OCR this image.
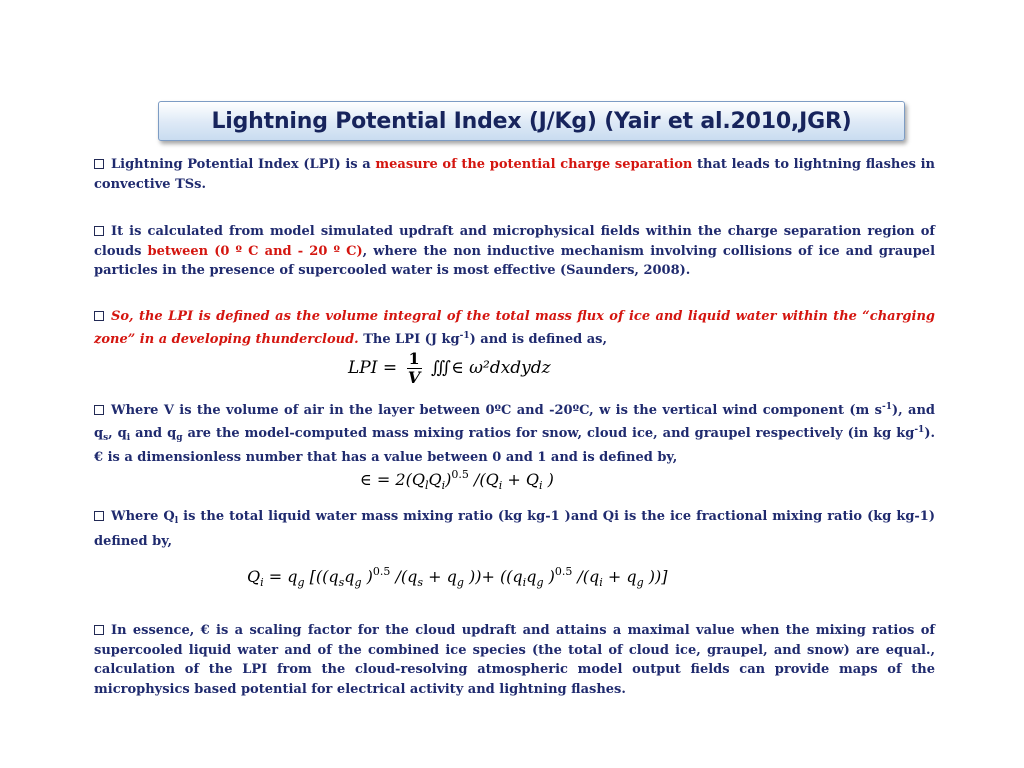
Lightning Potential Index (J/Kg) (Yair et al.2010,JGR)

Lightning Potential Index (LPI) is a measure of the potential charge separation that leads to lightning flashes in convective TSs.

It is calculated from model simulated updraft and microphysical fields within the charge separation region of clouds between (0 º C and - 20 º C), where the non inductive mechanism involving collisions of ice and graupel particles in the presence of supercooled water is most effective (Saunders, 2008).

So, the LPI is defined as the volume integral of the total mass flux of ice and liquid water within the “charging zone” in a developing thundercloud. The LPI (J $kg^{-1}$) and is defined as,

LPI = $\frac{1}{V}$ ∭∈ ω²dxdydz

Where V is the volume of air in the layer between 0ºC and -20ºC, w is the vertical wind component (m $s^{-1}$), and $q_s$, $q_i$ and $q_g$ are the model-computed mass mixing ratios for snow, cloud ice, and graupel respectively (in kg $kg^{-1}).€$ is a dimensionless number that has a value between 0 and 1 and is defined by,

∈ = $2(Q_lQ_i)^{0.5}$ $/(Q_i + Q_i$ )

Where $Q_l$ is the total liquid water mass mixing ratio (kg kg-1 )and Qi is the ice fractional mixing ratio (kg kg-1) defined by,

$Q_i = q_g$ [(($q_sq_g$ )$^{0.5}$ $/(q_s + q_g$ ))+ (($q_iq_g$ )$^{0.5}$ $/(q_i + q_g$ ))]

In essence, € is a scaling factor for the cloud updraft and attains a maximal value when the mixing ratios of supercooled liquid water and of the combined ice species (the total of cloud ice, graupel, and snow) are equal., calculation of the LPI from the cloud-resolving atmospheric model output fields can provide maps of the microphysics based potential for electrical activity and lightning flashes.
